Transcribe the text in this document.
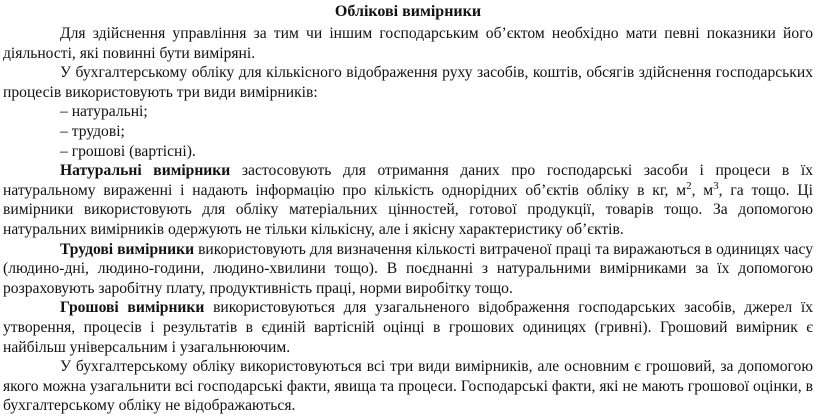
Облікові вимірники

Для здійснення управління за тим чи іншим господарським об’єктом необхідно мати певні показники його діяльності, які повинні бути виміряні.

У бухгалтерському обліку для кількісного відображення руху засобів, коштів, обсягів здійснення господарських процесів використовують три види вимірників:

– натуральні;

– трудові;

– грошові (вартісні).

Натуральні вимірники застосовують для отримання даних про господарські засоби і процеси в їх натуральному вираженні і надають інформацію про кількість однорідних об’єктів обліку в кг, $м^2$, $м^3$, га тощо. Ці вимірники використовують для обліку матеріальних цінностей, готової продукції, товарів тощо. За допомогою натуральних вимірників одержують не тільки кількісну, але і якісну характеристику об’єктів.

Трудові вимірники використовують для визначення кількості витраченої праці та виражаються в одиницях часу (людино-дні, людино-години, людино-хвилини тощо). В поєднанні з натуральними вимірниками за їх допомогою розраховують заробітну плату, продуктивність праці, норми виробітку тощо.

Грошові вимірники використовуються для узагальненого відображення господарських засобів, джерел їх утворення, процесів і результатів в єдиній вартісній оцінці в грошових одиницях (гривні). Грошовий вимірник є найбільш універсальним і узагальнюючим.

У бухгалтерському обліку використовуються всі три види вимірників, але основним є грошовий, за допомогою якого можна узагальнити всі господарські факти, явища та процеси. Господарські факти, які не мають грошової оцінки, в бухгалтерському обліку не відображаються.
